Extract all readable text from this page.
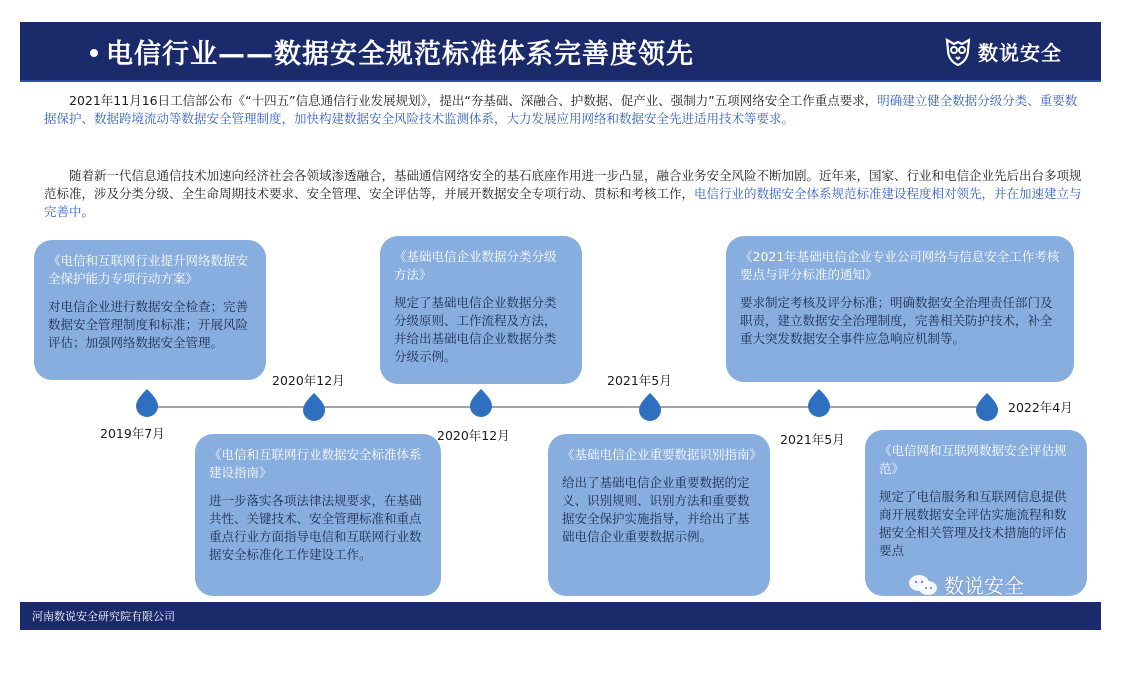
电信行业——数据安全规范标准体系完善度领先	数说安全
2021年11月16日工信部公布《“十四五”信息通信行业发展规划》，提出“夯基础、深融合、护数据、促产业、强制力”五项网络安全工作重点要求，明确建立健全数据分级分类、重要数据保护、数据跨境流动等数据安全管理制度，加快构建数据安全风险技术监测体系，大力发展应用网络和数据安全先进适用技术等要求。
随着新一代信息通信技术加速向经济社会各领域渗透融合，基础通信网络安全的基石底座作用进一步凸显，融合业务安全风险不断加剧。近年来，国家、行业和电信企业先后出台多项规范标准，涉及分类分级、全生命周期技术要求、安全管理、安全评估等，并展开数据安全专项行动、贯标和考核工作，电信行业的数据安全体系规范标准建设程度相对领先，并在加速建立与完善中。
2019年7月
2020年12月
2020年12月
2021年5月
2021年5月
2022年4月
《电信和互联网行业提升网络数据安全保护能力专项行动方案》
对电信企业进行数据安全检查；完善数据安全管理制度和标准；开展风险评估；加强网络数据安全管理。
《电信和互联网行业数据安全标准体系建设指南》
进一步落实各项法律法规要求，在基础共性、关键技术、安全管理标准和重点重点行业方面指导电信和互联网行业数据安全标准化工作建设工作。
《基础电信企业数据分类分级方法》
规定了基础电信企业数据分类分级原则、工作流程及方法，并给出基础电信企业数据分类分级示例。
《基础电信企业重要数据识别指南》
给出了基础电信企业重要数据的定义、识别规则、识别方法和重要数据安全保护实施指导，并给出了基础电信企业重要数据示例。
《2021年基础电信企业专业公司网络与信息安全工作考核要点与评分标准的通知》
要求制定考核及评分标准；明确数据安全治理责任部门及职责，建立数据安全治理制度，完善相关防护技术，补全重大突发数据安全事件应急响应机制等。
《电信网和互联网数据安全评估规范》
规定了电信服务和互联网信息提供商开展数据安全评估实施流程和数据安全相关管理及技术措施的评估要点
数说安全
河南数说安全研究院有限公司
